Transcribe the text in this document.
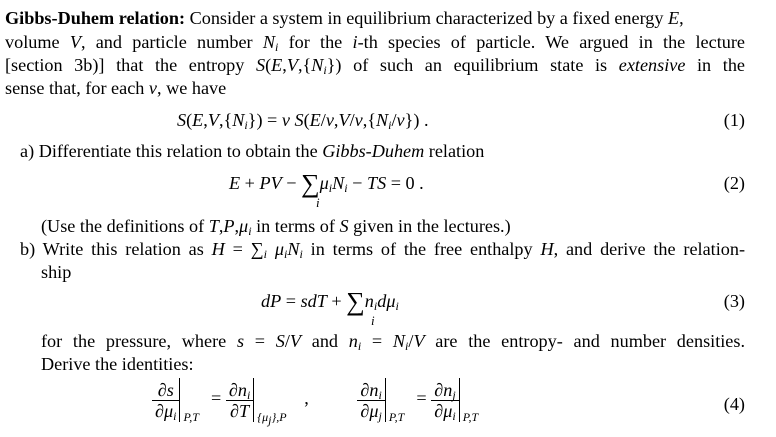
Gibbs-Duhem relation: Consider a system in equilibrium characterized by a fixed energy E,
volume V, and particle number $N_i$ for the i-th species of particle. We argued in the lecture
[section 3b)] that the entropy $S(E,V,\{N_i\})$ of such an equilibrium state is extensive in the
sense that, for each ν, we have
$S(E,V,\{N_i\}) = \nu$ $S(E/\nu,V/\nu,\{N_i/\nu\})$ .	(1)
a) Differentiate this relation to obtain the Gibbs-Duhem relation
E + PV − ∑
i
$\mu_iN_i$ − TS = 0 .	(2)
(Use the definitions of $T,P,\mu_i$ in terms of S given in the lectures.)
b) Write this relation as $H = \sum_i$ $\mu_iN_i$ in terms of the free enthalpy H, and derive the relation-
ship
dP = sdT + ∑
i
$n_id\mu_i$	(3)
for the pressure, where s = S/V and $n_i = N_i/V$ are the entropy- and number densities.
Derive the identities:
$\frac{\partial s}{\partial\mu_i} P,T$
= $\frac{\partial n_i}{\partial T} \{\mu_j\},P$
,	$\frac{\partial n_i}{\partial\mu_j} P,T$
= $\frac{\partial n_j}{\partial\mu_i} P,T$
(4)
